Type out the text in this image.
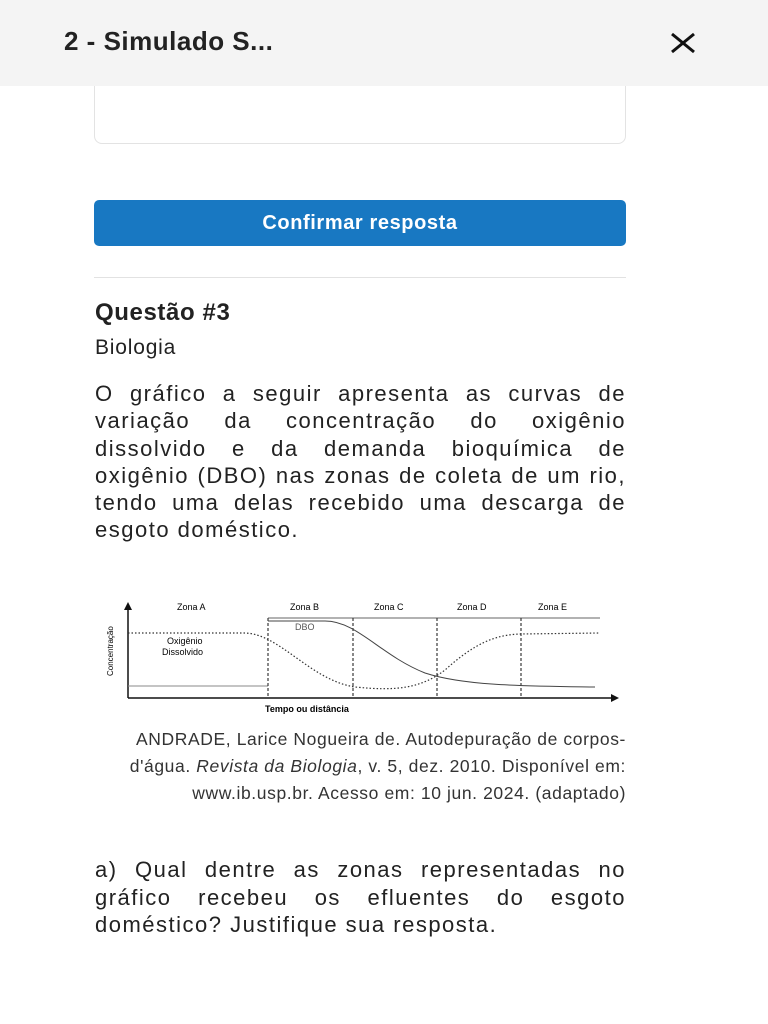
2 - Simulado S...
Confirmar resposta
Questão #3
Biologia
O gráfico a seguir apresenta as curvas de variação da concentração do oxigênio dissolvido e da demanda bioquímica de oxigênio (DBO) nas zonas de coleta de um rio, tendo uma delas recebido uma descarga de esgoto doméstico.
Zona A	Zona B	Zona C	Zona D	Zona E
DBO
Oxigênio
Dissolvido
Concentração
Tempo ou distância
ANDRADE, Larice Nogueira de. Autodepuração de corpos-d'água. Revista da Biologia, v. 5, dez. 2010. Disponível em: www.ib.usp.br. Acesso em: 10 jun. 2024. (adaptado)
a) Qual dentre as zonas representadas no gráfico recebeu os efluentes do esgoto doméstico? Justifique sua resposta.
